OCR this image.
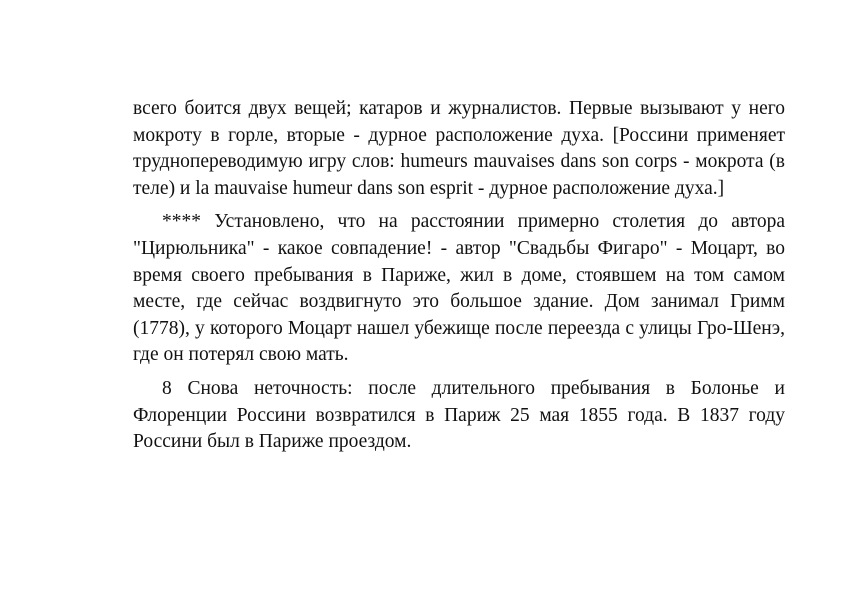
всего боится двух вещей; катаров и журналистов. Первые вызывают у него мокроту в горле, вторые - дурное расположение духа. [Россини применяет труднопереводимую игру слов: humeurs mauvaises dans son corps - мокрота (в теле) и la mauvaise humeur dans son esprit - дурное расположение духа.]

**** Установлено, что на расстоянии примерно столетия до автора "Цирюльника" - какое совпадение! - автор "Свадьбы Фигаро" - Моцарт, во время своего пребывания в Париже, жил в доме, стоявшем на том самом месте, где сейчас воздвигнуто это большое здание. Дом занимал Гримм (1778), у которого Моцарт нашел убежище после переезда с улицы Гро-Шенэ, где он потерял свою мать.

8 Снова неточность: после длительного пребывания в Болонье и Флоренции Россини возвратился в Париж 25 мая 1855 года. В 1837 году Россини был в Париже проездом.
